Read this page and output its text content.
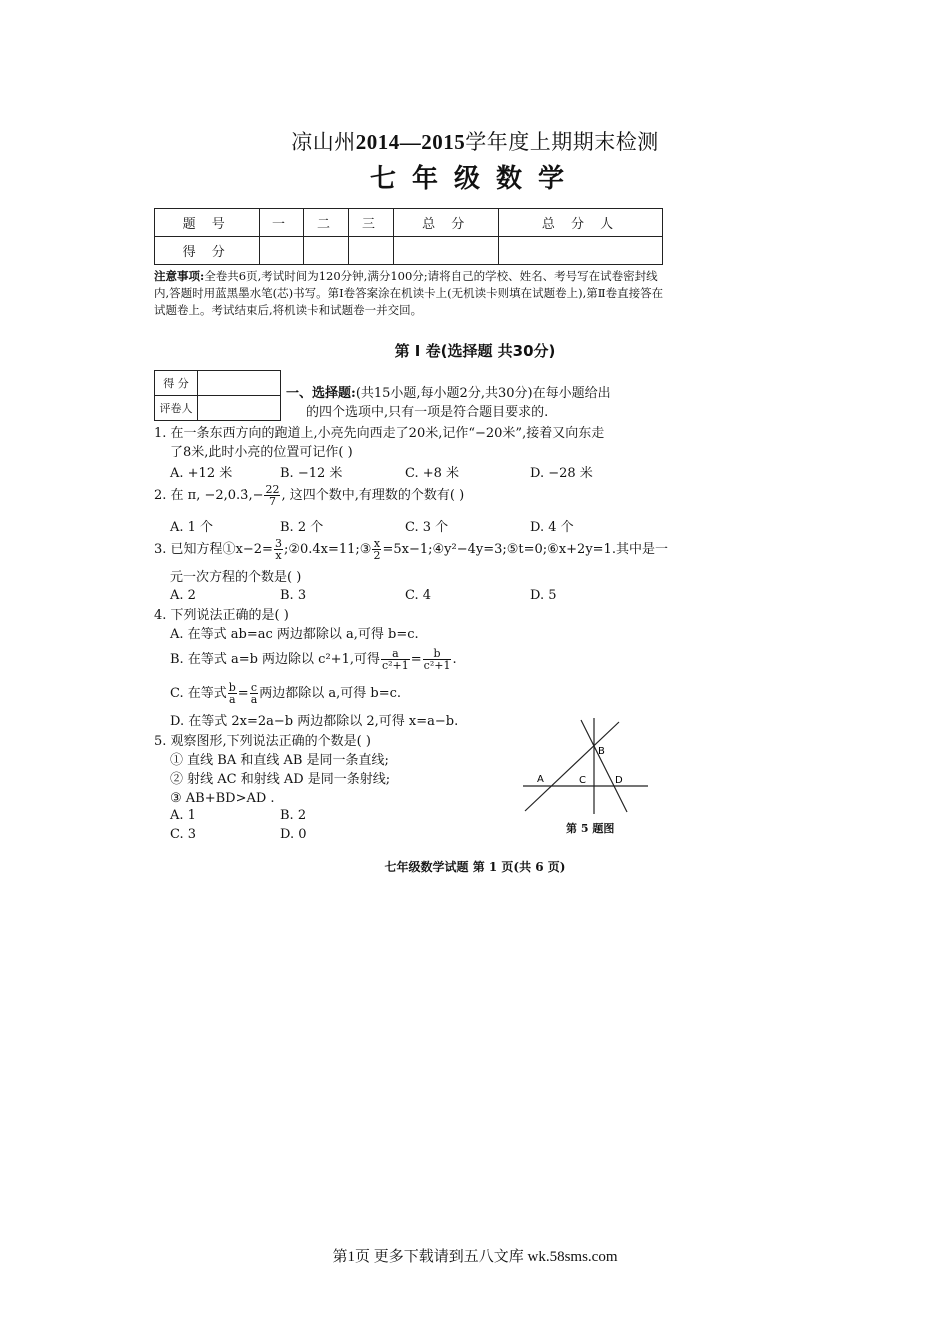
凉山州2014—2015学年度上期期末检测
七年级数学
题 号	一	二	三	总 分	总 分 人
得 分					
注意事项:全卷共6页,考试时间为120分钟,满分100分;请将自己的学校、姓名、考号写在试卷密封线内,答题时用蓝黑墨水笔(芯)书写。第Ⅰ卷答案涂在机读卡上(无机读卡则填在试题卷上),第Ⅱ卷直接答在试题卷上。考试结束后,将机读卡和试题卷一并交回。
第 Ⅰ 卷(选择题 共30分)
得 分	
评卷人	
一、选择题:(共15小题,每小题2分,共30分)在每小题给出
的四个选项中,只有一项是符合题目要求的.
1. 在一条东西方向的跑道上,小亮先向西走了20米,记作“−20米”,接着又向东走
了8米,此时小亮的位置可记作( )
A. +12 米	B. −12 米	C. +8 米	D. −28 米
2. 在 π, −2,0.3̇,− $\frac{22}{7}$ , 这四个数中,有理数的个数有( )
A. 1 个	B. 2 个	C. 3 个	D. 4 个
3. 已知方程①x−2= $\frac{3}{x}$ ;②0.4x=11;③ $\frac{x}{2}$ =5x−1;④y²−4y=3;⑤t=0;⑥x+2y=1.其中是一
元一次方程的个数是( )
A. 2	B. 3	C. 4	D. 5
4. 下列说法正确的是( )
A. 在等式 ab=ac 两边都除以 a,可得 b=c.
B. 在等式 a=b 两边除以 c²+1,可得 $\frac{a}{\text{c²+1}} = \frac{b}{\text{c²+1}}$ .
C. 在等式 $\frac{b}{a} = \frac{c}{a}$ 两边都除以 a,可得 b=c.
D. 在等式 2x=2a−b 两边都除以 2,可得 x=a−b.
5. 观察图形,下列说法正确的个数是( )
① 直线 BA 和直线 AB 是同一条直线;
② 射线 AC 和射线 AD 是同一条射线;
③ AB+BD>AD .
A. 1	B. 2
C. 3	D. 0
A
B
C	D
第 5 题图
七年级数学试题 第 1 页(共 6 页)
第1页 更多下载请到五八文库 wk.58sms.com
